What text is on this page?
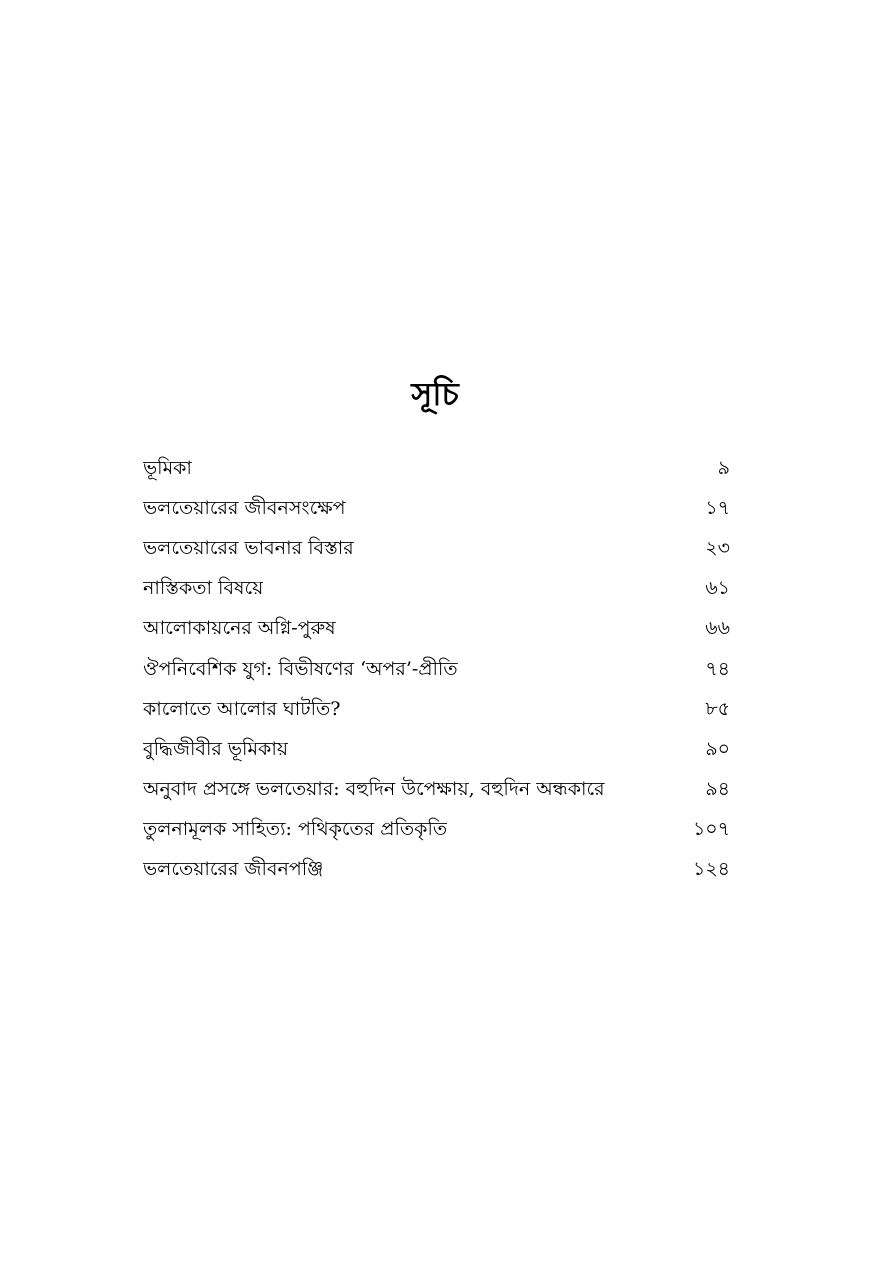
সূচি
ভূমিকা	৯
ভলতেয়ারের জীবনসংক্ষেপ	১৭
ভলতেয়ারের ভাবনার বিস্তার	২৩
নাস্তিকতা বিষয়ে	৬১
আলোকায়নের অগ্নি-পুরুষ	৬৬
ঔপনিবেশিক যুগ: বিভীষণের ‘অপর’-প্রীতি	৭৪
কালোতে আলোর ঘাটতি?	৮৫
বুদ্ধিজীবীর ভূমিকায়	৯০
অনুবাদ প্রসঙ্গে ভলতেয়ার: বহুদিন উপেক্ষায়, বহুদিন অন্ধকারে	৯৪
তুলনামূলক সাহিত্য: পথিকৃতের প্রতিকৃতি	১০৭
ভলতেয়ারের জীবনপঞ্জি	১২৪
